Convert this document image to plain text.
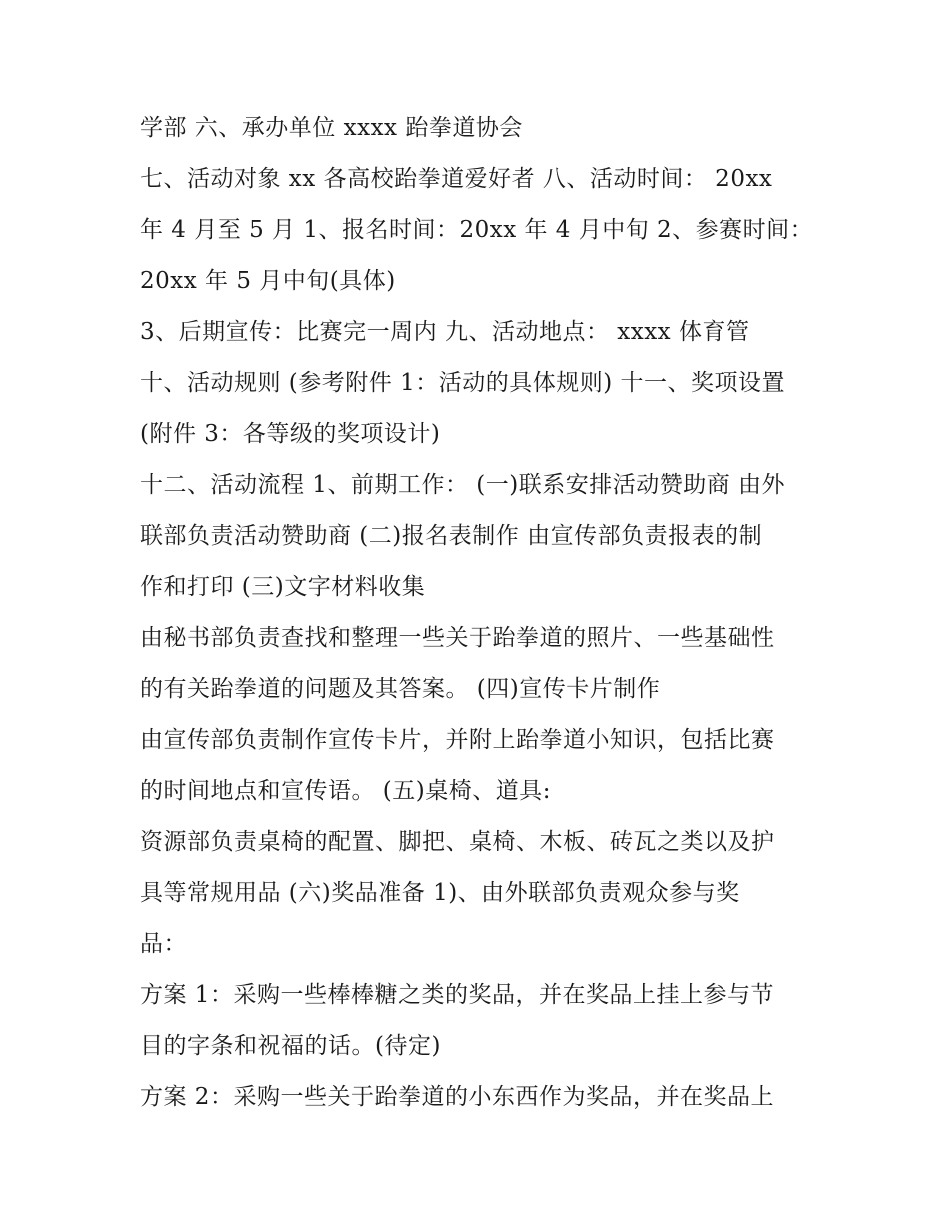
学部 六、承办单位 xxxx 跆拳道协会
七、活动对象 xx 各高校跆拳道爱好者 八、活动时间： 20xx
年 4 月至 5 月 1、报名时间：20xx 年 4 月中旬 2、参赛时间：
20xx 年 5 月中旬(具体)
3、后期宣传：比赛完一周内 九、活动地点： xxxx 体育管
十、活动规则 (参考附件 1：活动的具体规则) 十一、奖项设置
(附件 3：各等级的奖项设计)
十二、活动流程 1、前期工作： (一)联系安排活动赞助商 由外
联部负责活动赞助商 (二)报名表制作 由宣传部负责报表的制
作和打印 (三)文字材料收集
由秘书部负责查找和整理一些关于跆拳道的照片、一些基础性
的有关跆拳道的问题及其答案。 (四)宣传卡片制作
由宣传部负责制作宣传卡片，并附上跆拳道小知识，包括比赛
的时间地点和宣传语。 (五)桌椅、道具:
资源部负责桌椅的配置、脚把、桌椅、木板、砖瓦之类以及护
具等常规用品 (六)奖品准备 1)、由外联部负责观众参与奖
品：
方案 1：采购一些棒棒糖之类的奖品，并在奖品上挂上参与节
目的字条和祝福的话。(待定)
方案 2：采购一些关于跆拳道的小东西作为奖品，并在奖品上
